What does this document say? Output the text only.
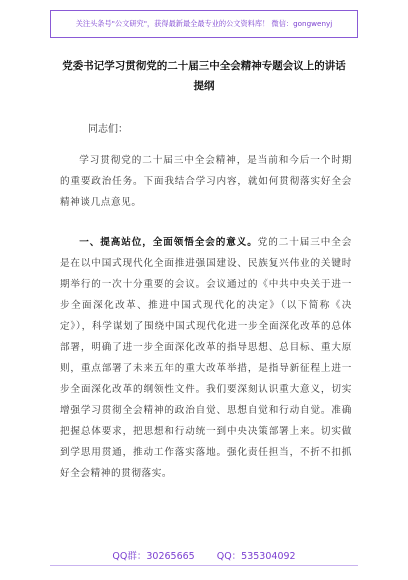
关注头条号"公文研究"，获得最新最全最专业的公文资料库！ 微信：gongwenyj
党委书记学习贯彻党的二十届三中全会精神专题会议上的讲话提纲
同志们：
学习贯彻党的二十届三中全会精神，是当前和今后一个时期的重要政治任务。下面我结合学习内容，就如何贯彻落实好全会精神谈几点意见。
一、提高站位，全面领悟全会的意义。党的二十届三中全会是在以中国式现代化全面推进强国建设、民族复兴伟业的关键时期举行的一次十分重要的会议。会议通过的《中共中央关于进一步全面深化改革、推进中国式现代化的决定》（以下简称《决定》），科学谋划了围绕中国式现代化进一步全面深化改革的总体部署，明确了进一步全面深化改革的指导思想、总目标、重大原则，重点部署了未来五年的重大改革举措，是指导新征程上进一步全面深化改革的纲领性文件。我们要深刻认识重大意义，切实增强学习贯彻全会精神的政治自觉、思想自觉和行动自觉。准确把握总体要求，把思想和行动统一到中央决策部署上来。切实做到学思用贯通，推动工作落实落地。强化责任担当，不折不扣抓好全会精神的贯彻落实。
QQ群：30265665 QQ：535304092
